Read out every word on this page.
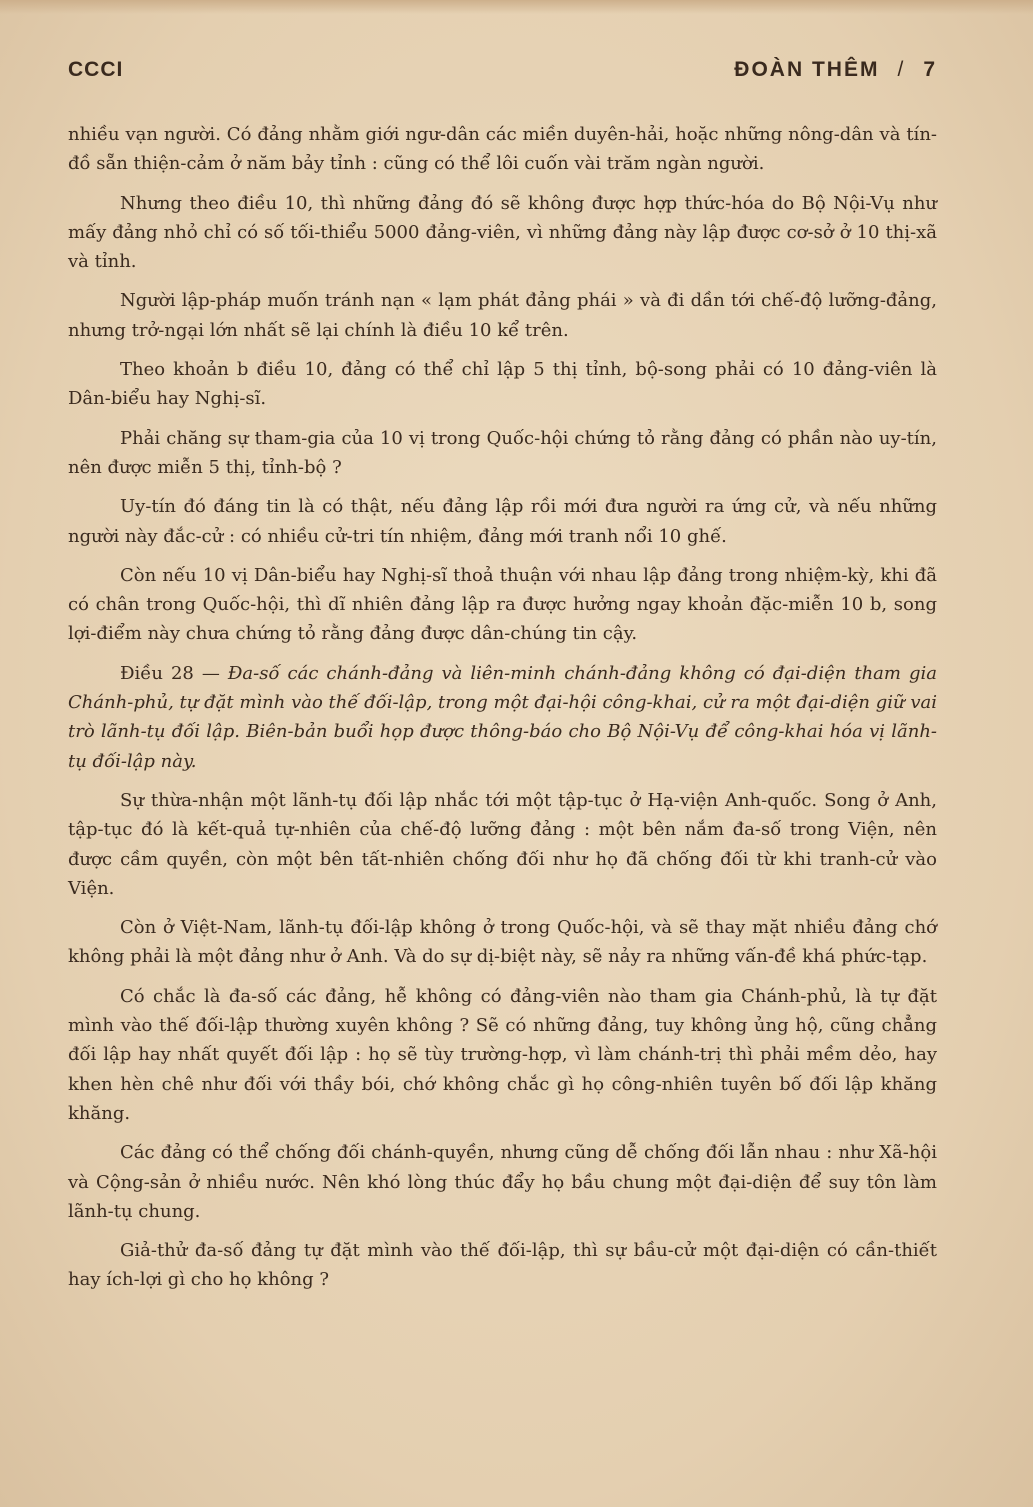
CCCI	ĐOÀN THÊM / 7

nhiều vạn người. Có đảng nhằm giới ngư-dân các miền duyên-hải, hoặc những nông-dân và tín-đồ sẵn thiện-cảm ở năm bảy tỉnh : cũng có thể lôi cuốn vài trăm ngàn người.

Nhưng theo điều 10, thì những đảng đó sẽ không được hợp thức-hóa do Bộ Nội-Vụ như mấy đảng nhỏ chỉ có số tối-thiểu 5000 đảng-viên, vì những đảng này lập được cơ-sở ở 10 thị-xã và tỉnh.

Người lập-pháp muốn tránh nạn « lạm phát đảng phái » và đi dần tới chế-độ lưỡng-đảng, nhưng trở-ngại lớn nhất sẽ lại chính là điều 10 kể trên.

Theo khoản b điều 10, đảng có thể chỉ lập 5 thị tỉnh, bộ-song phải có 10 đảng-viên là Dân-biểu hay Nghị-sĩ.

Phải chăng sự tham-gia của 10 vị trong Quốc-hội chứng tỏ rằng đảng có phần nào uy-tín, nên được miễn 5 thị, tỉnh-bộ ?

Uy-tín đó đáng tin là có thật, nếu đảng lập rồi mới đưa người ra ứng cử, và nếu những người này đắc-cử : có nhiều cử-tri tín nhiệm, đảng mới tranh nổi 10 ghế.

Còn nếu 10 vị Dân-biểu hay Nghị-sĩ thoả thuận với nhau lập đảng trong nhiệm-kỳ, khi đã có chân trong Quốc-hội, thì dĩ nhiên đảng lập ra được hưởng ngay khoản đặc-miễn 10 b, song lợi-điểm này chưa chứng tỏ rằng đảng được dân-chúng tin cậy.

Điều 28 — Đa-số các chánh-đảng và liên-minh chánh-đảng không có đại-diện tham gia Chánh-phủ, tự đặt mình vào thế đối-lập, trong một đại-hội công-khai, cử ra một đại-diện giữ vai trò lãnh-tụ đối lập. Biên-bản buổi họp được thông-báo cho Bộ Nội-Vụ để công-khai hóa vị lãnh-tụ đối-lập này.

Sự thừa-nhận một lãnh-tụ đối lập nhắc tới một tập-tục ở Hạ-viện Anh-quốc. Song ở Anh, tập-tục đó là kết-quả tự-nhiên của chế-độ lưỡng đảng : một bên nắm đa-số trong Viện, nên được cầm quyền, còn một bên tất-nhiên chống đối như họ đã chống đối từ khi tranh-cử vào Viện.

Còn ở Việt-Nam, lãnh-tụ đối-lập không ở trong Quốc-hội, và sẽ thay mặt nhiều đảng chớ không phải là một đảng như ở Anh. Và do sự dị-biệt này, sẽ nảy ra những vấn-đề khá phức-tạp.

Có chắc là đa-số các đảng, hễ không có đảng-viên nào tham gia Chánh-phủ, là tự đặt mình vào thế đối-lập thường xuyên không ? Sẽ có những đảng, tuy không ủng hộ, cũng chẳng đối lập hay nhất quyết đối lập : họ sẽ tùy trường-hợp, vì làm chánh-trị thì phải mềm dẻo, hay khen hèn chê như đối với thầy bói, chớ không chắc gì họ công-nhiên tuyên bố đối lập khăng khăng.

Các đảng có thể chống đối chánh-quyền, nhưng cũng dễ chống đối lẫn nhau : như Xã-hội và Cộng-sản ở nhiều nước. Nên khó lòng thúc đẩy họ bầu chung một đại-diện để suy tôn làm lãnh-tụ chung.

Giả-thử đa-số đảng tự đặt mình vào thế đối-lập, thì sự bầu-cử một đại-diện có cần-thiết hay ích-lợi gì cho họ không ?
